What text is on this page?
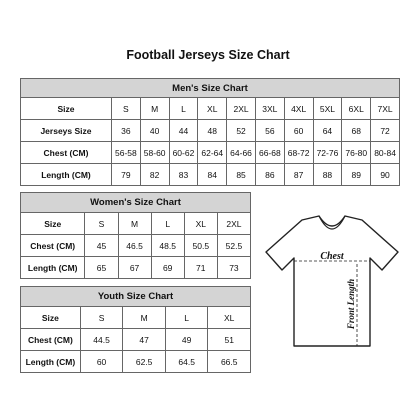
Football Jerseys Size Chart
Men's Size Chart										
Size	S	M	L	XL	2XL	3XL	4XL	5XL	6XL	7XL
Jerseys Size	36	40	44	48	52	56	60	64	68	72
Chest (CM)	56-58	58-60	60-62	62-64	64-66	66-68	68-72	72-76	76-80	80-84
Length (CM)	79	82	83	84	85	86	87	88	89	90
Women's Size Chart					
Size	S	M	L	XL	2XL
Chest (CM)	45	46.5	48.5	50.5	52.5
Length (CM)	65	67	69	71	73
Youth Size Chart				
Size	S	M	L	XL
Chest (CM)	44.5	47	49	51
Length (CM)	60	62.5	64.5	66.5
Chest
Front Length
